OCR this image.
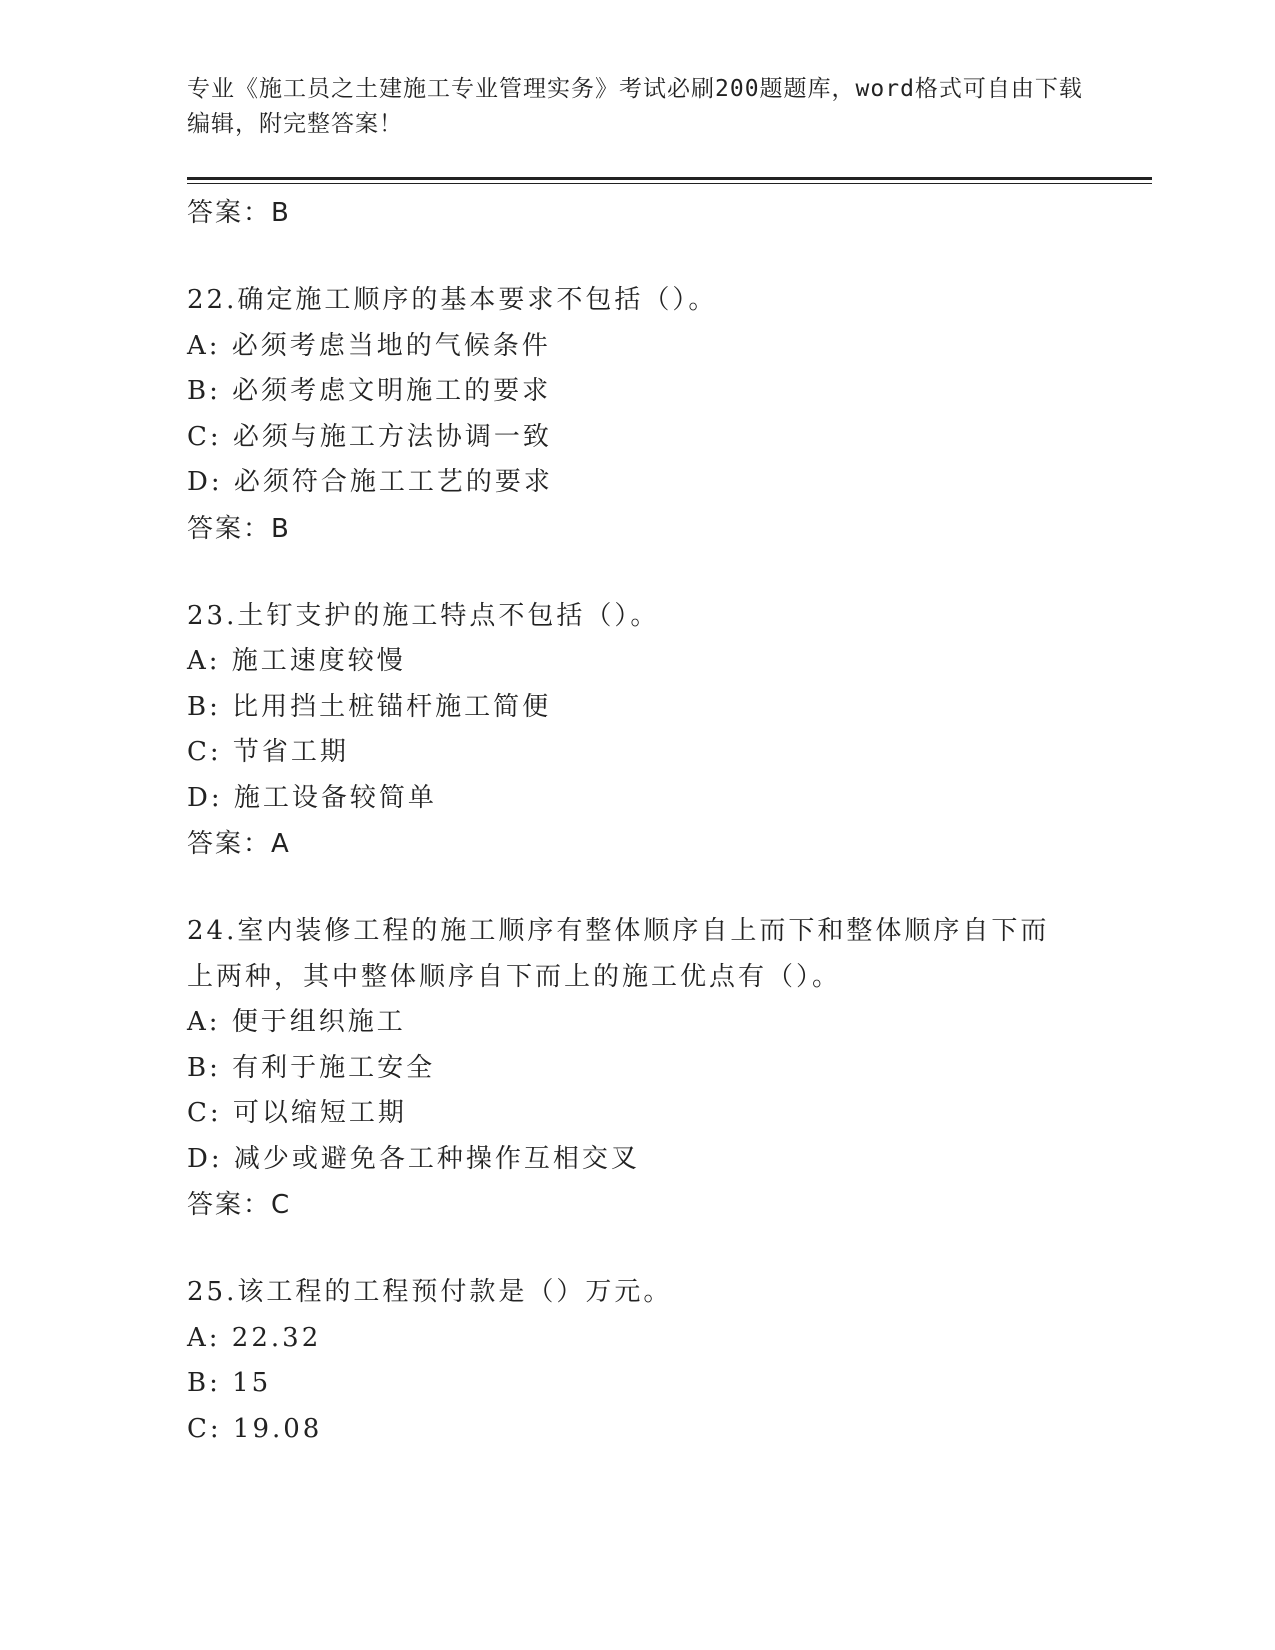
专业《施工员之土建施工专业管理实务》考试必刷200题题库，word格式可自由下载编辑，附完整答案！
答案：B
22.确定施工顺序的基本要求不包括（）。
A: 必须考虑当地的气候条件
B: 必须考虑文明施工的要求
C: 必须与施工方法协调一致
D: 必须符合施工工艺的要求
答案：B
23.土钉支护的施工特点不包括（）。
A: 施工速度较慢
B: 比用挡土桩锚杆施工简便
C: 节省工期
D: 施工设备较简单
答案：A
24.室内装修工程的施工顺序有整体顺序自上而下和整体顺序自下而上两种，其中整体顺序自下而上的施工优点有（）。
A: 便于组织施工
B: 有利于施工安全
C: 可以缩短工期
D: 减少或避免各工种操作互相交叉
答案：C
25.该工程的工程预付款是（）万元。
A: 22.32
B: 15
C: 19.08
